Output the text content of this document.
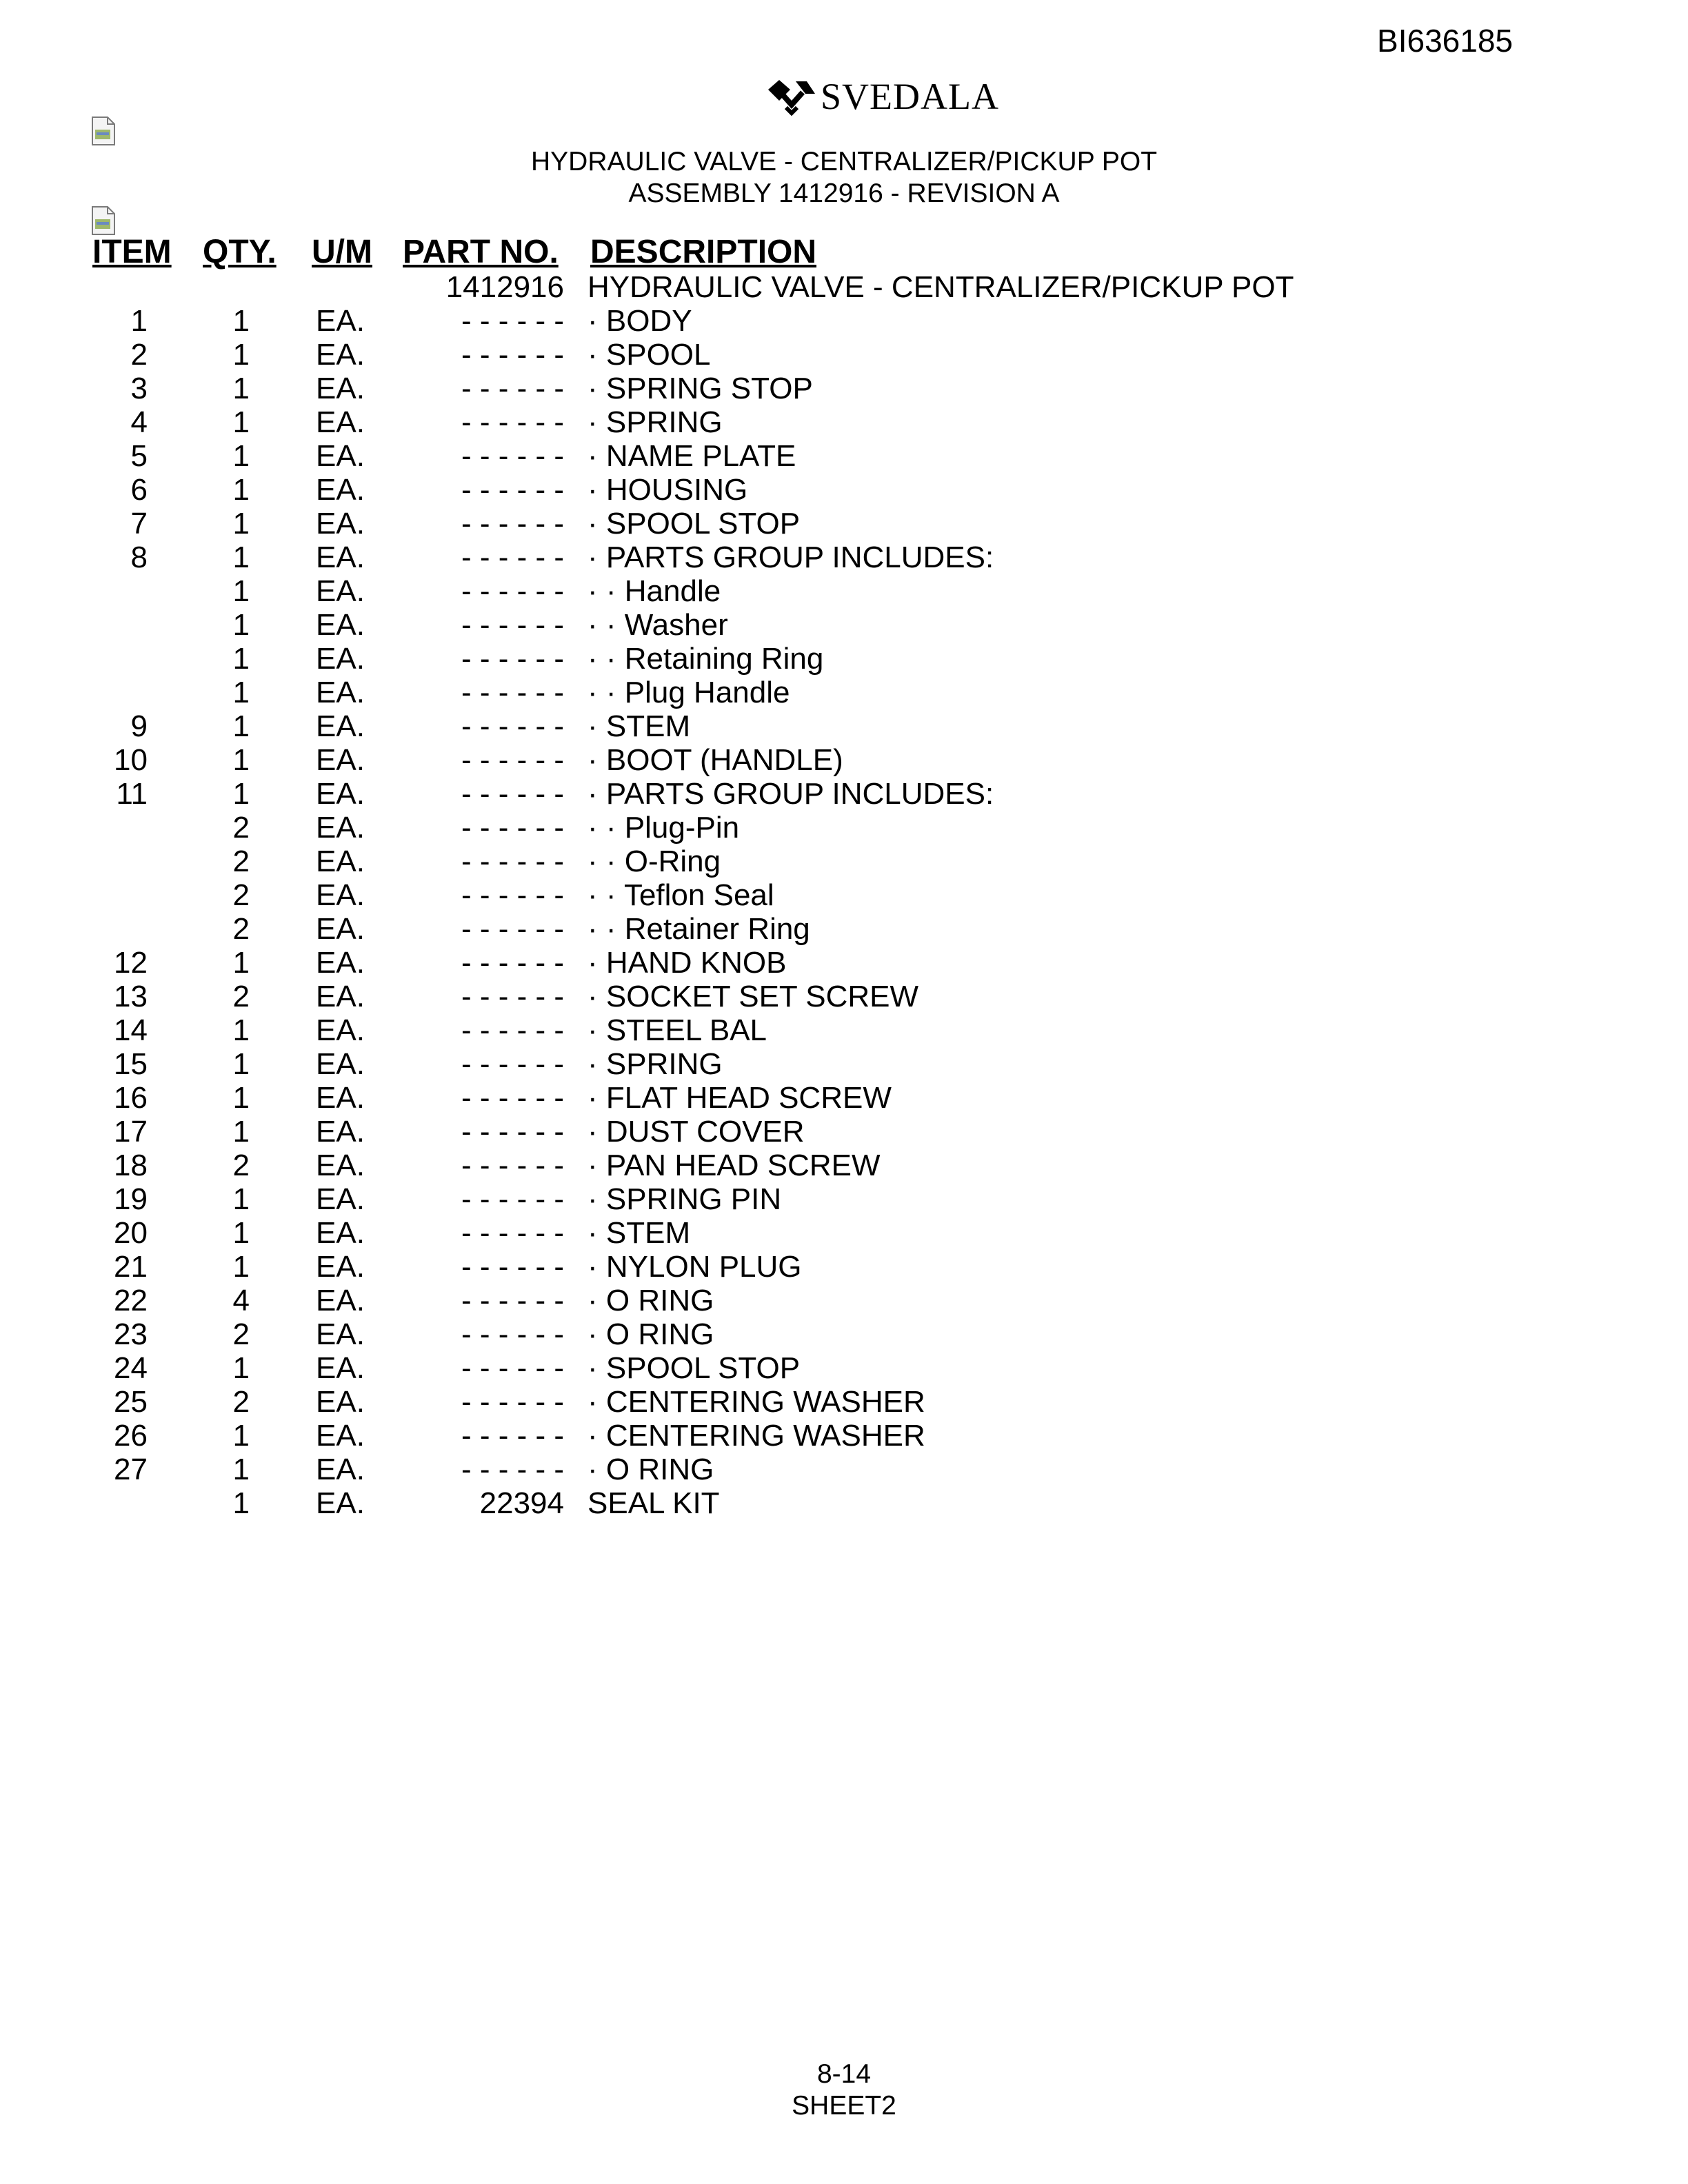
BI636185
SVEDALA
HYDRAULIC VALVE - CENTRALIZER/PICKUP POT
ASSEMBLY 1412916 - REVISION A
ITEM QTY. U/M PART NO. DESCRIPTION
1412916 HYDRAULIC VALVE - CENTRALIZER/PICKUP POT
1	1 EA.	- - - - - - · BODY
2	1 EA.	- - - - - - · SPOOL
3	1 EA.	- - - - - - · SPRING STOP
4	1 EA.	- - - - - - · SPRING
5	1 EA.	- - - - - - · NAME PLATE
6	1 EA.	- - - - - - · HOUSING
7	1 EA.	- - - - - - · SPOOL STOP
8	1 EA.	- - - - - - · PARTS GROUP INCLUDES:
1 EA.	- - - - - - · · Handle
1 EA.	- - - - - - · · Washer
1 EA.	- - - - - - · · Retaining Ring
1 EA.	- - - - - - · · Plug Handle
9	1 EA.	- - - - - - · STEM
10	1 EA.	- - - - - - · BOOT (HANDLE)
11	1 EA.	- - - - - - · PARTS GROUP INCLUDES:
2 EA.	- - - - - - · · Plug-Pin
2 EA.	- - - - - - · · O-Ring
2 EA.	- - - - - - · · Teflon Seal
2 EA.	- - - - - - · · Retainer Ring
12	1 EA.	- - - - - - · HAND KNOB
13	2 EA.	- - - - - - · SOCKET SET SCREW
14	1 EA.	- - - - - - · STEEL BAL
15	1 EA.	- - - - - - · SPRING
16	1 EA.	- - - - - - · FLAT HEAD SCREW
17	1 EA.	- - - - - - · DUST COVER
18	2 EA.	- - - - - - · PAN HEAD SCREW
19	1 EA.	- - - - - - · SPRING PIN
20	1 EA.	- - - - - - · STEM
21	1 EA.	- - - - - - · NYLON PLUG
22	4 EA.	- - - - - - · O RING
23	2 EA.	- - - - - - · O RING
24	1 EA.	- - - - - - · SPOOL STOP
25	2 EA.	- - - - - - · CENTERING WASHER
26	1 EA.	- - - - - - · CENTERING WASHER
27	1 EA.	- - - - - - · O RING
1 EA.	22394 SEAL KIT
8-14
SHEET2
